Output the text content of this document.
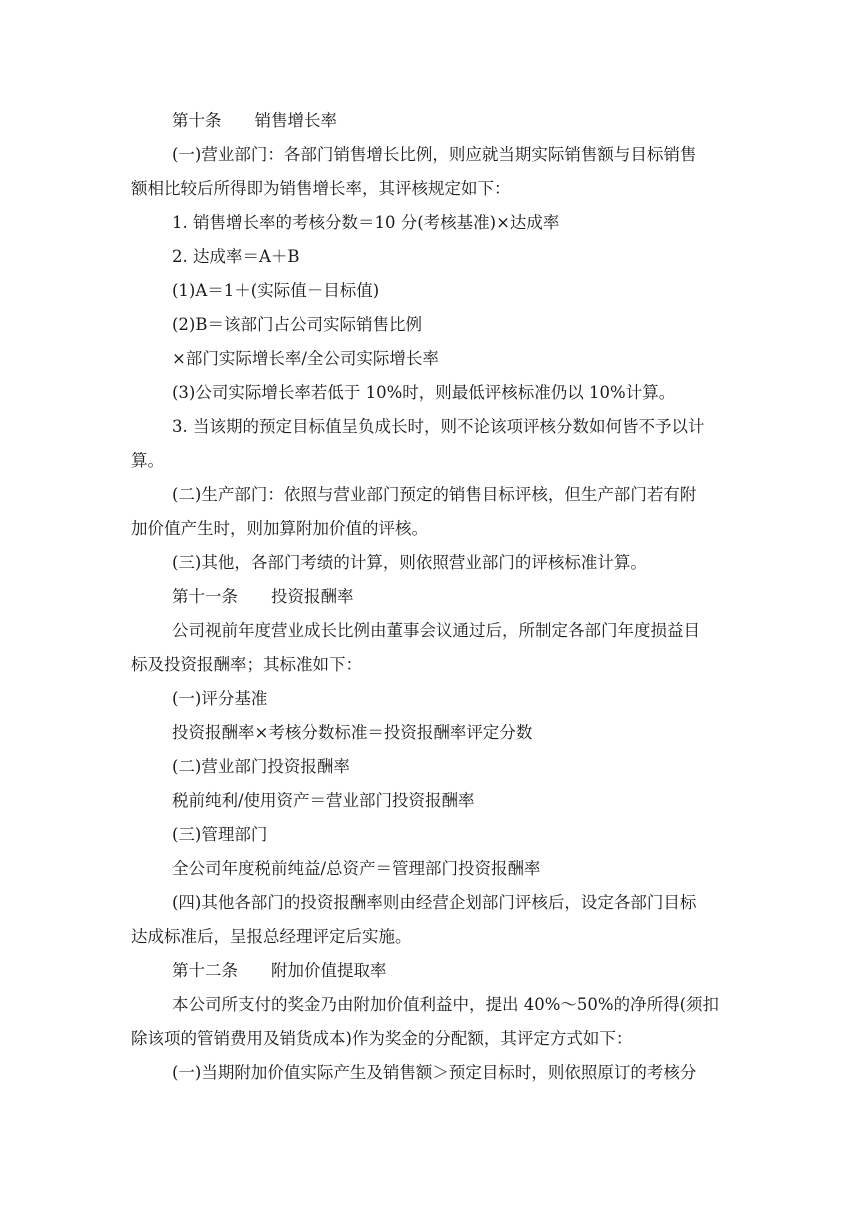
第十条　　销售增长率
(一)营业部门：各部门销售增长比例，则应就当期实际销售额与目标销售
额相比较后所得即为销售增长率，其评核规定如下：
1. 销售增长率的考核分数＝10 分(考核基准)×达成率
2. 达成率＝A＋B
(1)A＝1＋(实际值－目标值)
(2)B＝该部门占公司实际销售比例
×部门实际增长率/全公司实际增长率
(3)公司实际增长率若低于 10%时，则最低评核标准仍以 10%计算。
3. 当该期的预定目标值呈负成长时，则不论该项评核分数如何皆不予以计
算。
(二)生产部门：依照与营业部门预定的销售目标评核，但生产部门若有附
加价值产生时，则加算附加价值的评核。
(三)其他，各部门考绩的计算，则依照营业部门的评核标准计算。
第十一条　　投资报酬率
公司视前年度营业成长比例由董事会议通过后，所制定各部门年度损益目
标及投资报酬率；其标准如下：
(一)评分基准
投资报酬率×考核分数标准＝投资报酬率评定分数
(二)营业部门投资报酬率
税前纯利/使用资产＝营业部门投资报酬率
(三)管理部门
全公司年度税前纯益/总资产＝管理部门投资报酬率
(四)其他各部门的投资报酬率则由经营企划部门评核后，设定各部门目标
达成标准后，呈报总经理评定后实施。
第十二条　　附加价值提取率
本公司所支付的奖金乃由附加价值利益中，提出 40%～50%的净所得(须扣
除该项的管销费用及销货成本)作为奖金的分配额，其评定方式如下：
(一)当期附加价值实际产生及销售额＞预定目标时，则依照原订的考核分
